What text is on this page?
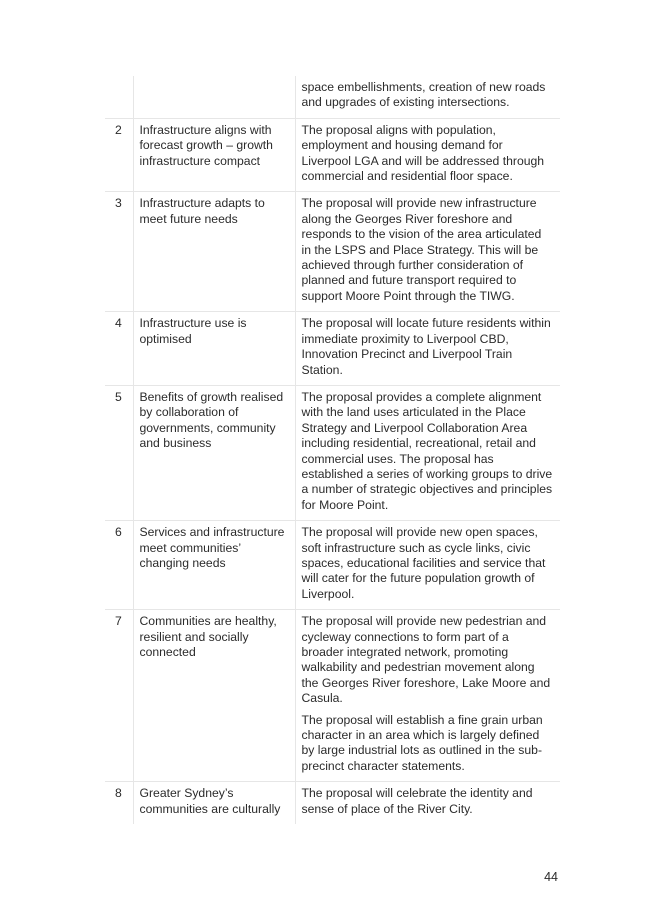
		space embellishments, creation of new roads and upgrades of existing intersections.

2	Infrastructure aligns with forecast growth – growth infrastructure compact	The proposal aligns with population, employment and housing demand for Liverpool LGA and will be addressed through commercial and residential floor space.

3	Infrastructure adapts to meet future needs	The proposal will provide new infrastructure along the Georges River foreshore and responds to the vision of the area articulated in the LSPS and Place Strategy. This will be achieved through further consideration of planned and future transport required to support Moore Point through the TIWG.

4	Infrastructure use is optimised	The proposal will locate future residents within immediate proximity to Liverpool CBD, Innovation Precinct and Liverpool Train Station.

5	Benefits of growth realised by collaboration of governments, community and business	The proposal provides a complete alignment with the land uses articulated in the Place Strategy and Liverpool Collaboration Area including residential, recreational, retail and commercial uses. The proposal has established a series of working groups to drive a number of strategic objectives and principles for Moore Point.

6	Services and infrastructure meet communities’ changing needs	The proposal will provide new open spaces, soft infrastructure such as cycle links, civic spaces, educational facilities and service that will cater for the future population growth of Liverpool.

7	Communities are healthy, resilient and socially connected	The proposal will provide new pedestrian and cycleway connections to form part of a broader integrated network, promoting walkability and pedestrian movement along the Georges River foreshore, Lake Moore and Casula.

The proposal will establish a fine grain urban character in an area which is largely defined by large industrial lots as outlined in the sub-precinct character statements.

8	Greater Sydney’s communities are culturally	The proposal will celebrate the identity and sense of place of the River City.

44
